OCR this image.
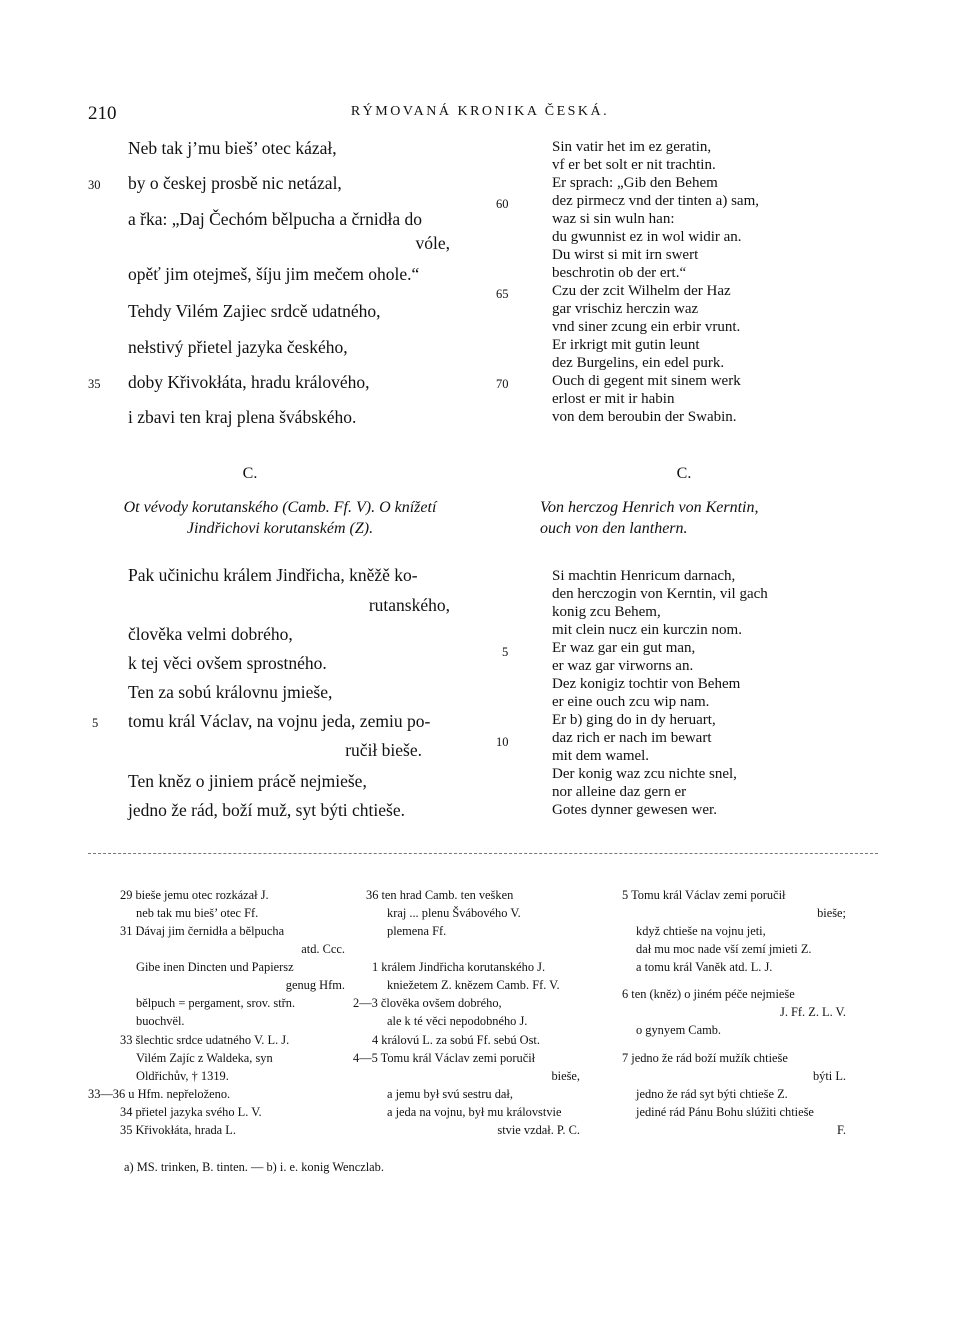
210	RÝMOVANÁ KRONIKA ČESKÁ.
Neb tak j’mu bieš’ otec kázał,
30 by o českej prosbě nic netázal,
a řka: „Daj Čechóm bělpucha a črnidła do
vóle,
opěť jim otejmeš, šíju jim mečem ohole.“
Tehdy Vilém Zajiec srdcě udatného,
nełstivý přietel jazyka českého,
35 doby Křivokłáta, hradu králového,
i zbavi ten kraj plena švábského.
Sin vatir het im ez geratin,
vf er bet solt er nit trachtin.
Er sprach: „Gib den Behem
60	dez pirmecz vnd der tinten a) sam,
waz si sin wuln han:
du gwunnist ez in wol widir an.
Du wirst si mit irn swert
beschrotin ob der ert.“
65	Czu der zcit Wilhelm der Haz
gar vrischiz herczin waz
vnd siner zcung ein erbir vrunt.
Er irkrigt mit gutin leunt
dez Burgelins, ein edel purk.
70	Ouch di gegent mit sinem werk
erlost er mit ir habin
von dem beroubin der Swabin.
C.
Ot vévody korutanského (Camb. Ff. V). O knížetí
Jindřichovi korutanském (Z).
C.
Von herczog Henrich von Kerntin,
ouch von den lanthern.
Pak učinichu králem Jindřicha, kněžě ko-
rutanského,
člověka velmi dobrého,
k tej věci ovšem sprostného.
Ten za sobú královnu jmieše,
5 tomu král Václav, na vojnu jeda, zemiu po-
ručił bieše.
Ten kněz o jiniem prácě nejmieše,
jedno že rád, boží muž, syt býti chtieše.
Si machtin Henricum darnach,
den herczogin von Kerntin, vil gach
konig zcu Behem,
mit clein nucz ein kurczin nom.
5	Er waz gar ein gut man,
er waz gar virworns an.
Dez konigiz tochtir von Behem
er eine ouch zcu wip nam.
Er b) ging do in dy heruart,
10	daz rich er nach im bewart
mit dem wamel.
Der konig waz zcu nichte snel,
nor alleine daz gern er
Gotes dynner gewesen wer.
29 bieše jemu otec rozkázał J.
neb tak mu bieš’ otec Ff.
31 Dávaj jim černidła a bělpucha
atd. Ccc.
Gibe inen Dincten und Papiersz
genug Hfm.
bělpuch = pergament, srov. střn.
buochvël.
33 šlechtic srdce udatného V. L. J.
Vilém Zajíc z Waldeka, syn
Oldřichův, † 1319.
33—36 u Hfm. nepřeloženo.
34 přietel jazyka svého L. V.
35 Křivokłáta, hrada L.
36 ten hrad Camb. ten vešken
kraj ... plenu Švábového V.
plemena Ff.
1 králem Jindřicha korutanského J.
kniežetem Z. knězem Camb. Ff. V.
2—3 člověka ovšem dobrého,
ale k té věci nepodobného J.
4 královú L. za sobú Ff. sebú Ost.
4—5 Tomu král Václav zemi poručił
bieše,
a jemu był svú sestru dał,
a jeda na vojnu, był mu královstvie
stvie vzdał. P. C.
5 Tomu král Václav zemi poručił
bieše;
když chtieše na vojnu jeti,
dał mu moc nade vší zemí jmieti Z.
a tomu král Vaněk atd. L. J.
6 ten (kněz) o jiném péče nejmieše
J. Ff. Z. L. V.
o gynyem Camb.
7 jedno že rád boží mužík chtieše
býti L.
jedno že rád syt býti chtieše Z.
jediné rád Pánu Bohu slúžiti chtieše
F.
a) MS. trinken, B. tinten. — b) i. e. konig Wenczlab.
